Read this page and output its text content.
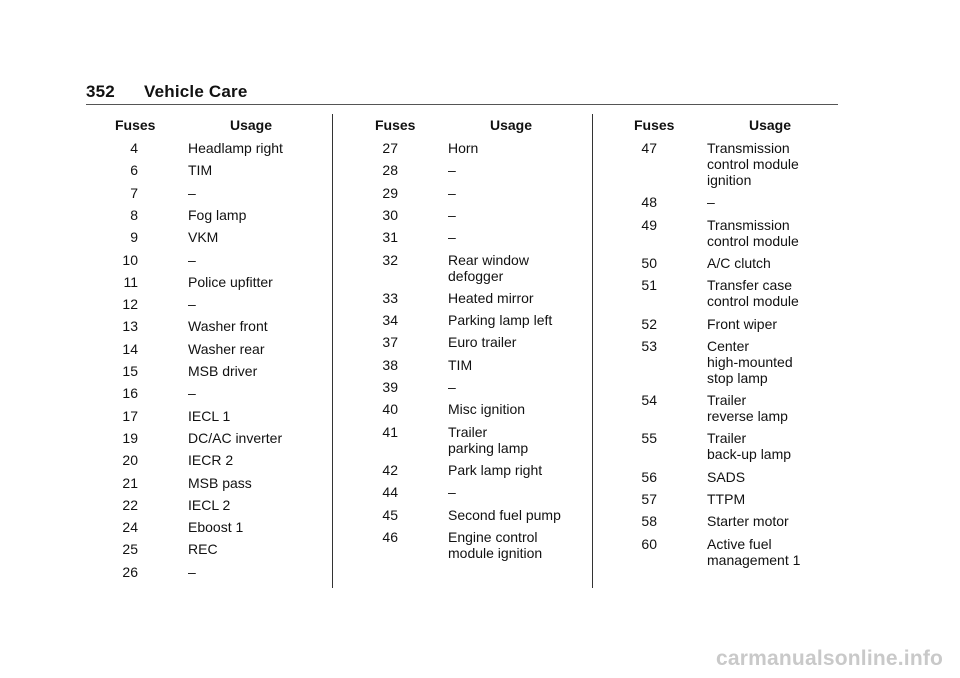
352 Vehicle Care
Fuses	Usage
4	Headlamp right
6	TIM
7	–
8	Fog lamp
9	VKM
10	–
11	Police upfitter
12	–
13	Washer front
14	Washer rear
15	MSB driver
16	–
17	IECL 1
19	DC/AC inverter
20	IECR 2
21	MSB pass
22	IECL 2
24	Eboost 1
25	REC
26	–
Fuses	Usage
27	Horn
28	–
29	–
30	–
31	–
32	Rear window
defogger
33	Heated mirror
34	Parking lamp left
37	Euro trailer
38	TIM
39	–
40	Misc ignition
41	Trailer
parking lamp
42	Park lamp right
44	–
45	Second fuel pump
46	Engine control
module ignition
Fuses	Usage
47	Transmission
control module
ignition
48	–
49	Transmission
control module
50	A/C clutch
51	Transfer case
control module
52	Front wiper
53	Center
high-mounted
stop lamp
54	Trailer
reverse lamp
55	Trailer
back-up lamp
56	SADS
57	TTPM
58	Starter motor
60	Active fuel
management 1
carmanualsonline.info
